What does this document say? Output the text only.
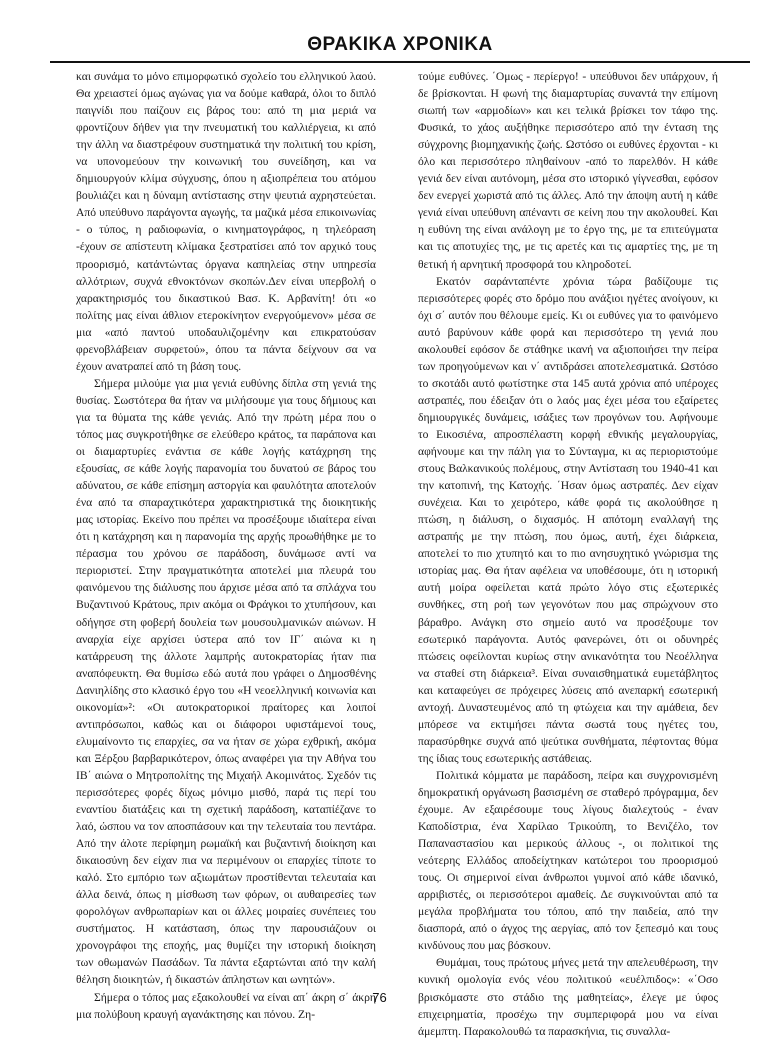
ΘΡΑΚΙΚΑ ΧΡΟΝΙΚΑ

και συνάμα το μόνο επιμορφωτικό σχολείο του ελληνικού λαού. Θα χρειαστεί όμως αγώνας για να δούμε καθαρά, όλοι το διπλό παιγνίδι που παίζουν εις βάρος του: από τη μια μεριά να φροντίζουν δήθεν για την πνευματική του καλλιέργεια, κι από την άλλη να διαστρέφουν συστηματικά την πολιτική του κρίση, να υπονομεύουν την κοινωνική του συνείδηση, και να δημιουργούν κλίμα σύγχυσης, όπου η αξιοπρέπεια του ατόμου βουλιάζει και η δύναμη αντίστασης στην ψευτιά αχρηστεύεται. Από υπεύθυνο παράγοντα αγωγής, τα μαζικά μέσα επικοινωνίας - ο τύπος, η ραδιοφωνία, ο κινηματογράφος, η τηλεόραση -έχουν σε απίστευτη κλίμακα ξεστρατίσει από τον αρχικό τους προορισμό, κατάντώντας όργανα καπηλείας στην υπηρεσία αλλότριων, συχνά εθνοκτόνων σκοπών.Δεν είναι υπερβολή ο χαρακτηρισμός του δικαστικού Βασ. Κ. Αρβανίτη! ότι «ο πολίτης μας είναι άθλιον ετεροκίνητον ενεργούμενον» μέσα σε μια «από παντού υποδαυλιζομένην και επικρατούσαν φρενοβλάβειαν συρφετού», όπου τα πάντα δείχνουν σα να έχουν ανατραπεί από τη βάση τους.

Σήμερα μιλούμε για μια γενιά ευθύνης δίπλα στη γενιά της θυσίας. Σωστότερα θα ήταν να μιλήσουμε για τους δήμιους και για τα θύματα της κάθε γενιάς. Από την πρώτη μέρα που ο τόπος μας συγκροτήθηκε σε ελεύθερο κράτος, τα παράπονα και οι διαμαρτυρίες ενάντια σε κάθε λογής κατάχρηση της εξουσίας, σε κάθε λογής παρανομία του δυνατού σε βάρος του αδύνατου, σε κάθε επίσημη αστοργία και φαυλότητα αποτελούν ένα από τα σπαραχτικότερα χαρακτηριστικά της διοικητικής μας ιστορίας. Εκείνο που πρέπει να προσέξουμε ιδιαίτερα είναι ότι η κατάχρηση και η παρανομία της αρχής προωθήθηκε με το πέρασμα του χρόνου σε παράδοση, δυνάμωσε αντί να περιοριστεί. Στην πραγματικότητα αποτελεί μια πλευρά του φαινόμενου της διάλυσης που άρχισε μέσα από τα σπλάχνα του Βυζαντινού Κράτους, πριν ακόμα οι Φράγκοι το χτυπήσουν, και οδήγησε στη φοβερή δουλεία των μουσουλμανικών αιώνων. Η αναρχία είχε αρχίσει ύστερα από τον ΙΓ΄ αιώνα κι η κατάρρευση της άλλοτε λαμπρής αυτοκρατορίας ήταν πια αναπόφευκτη. Θα θυμίσω εδώ αυτά που γράφει ο Δημοσθένης Δανιηλίδης στο κλασικό έργο του «Η νεοελληνική κοινωνία και οικονομία»²: «Οι αυτοκρατορικοί πραίτορες και λοιποί αντιπρόσωποι, καθώς και οι διάφοροι υφιστάμενοί τους, ελυμαίνοντο τις επαρχίες, σα να ήταν σε χώρα εχθρική, ακόμα και Ξέρξου βαρβαρικότερον, όπως αναφέρει για την Αθήνα του ΙΒ΄ αιώνα ο Μητροπολίτης της Μιχαήλ Ακομινάτος. Σχεδόν τις περισσότερες φορές δίχως μόνιμο μισθό, παρά τις περί του εναντίου διατάξεις και τη σχετική παράδοση, καταπίέζανε το λαό, ώσπου να τον αποσπάσουν και την τελευταία του πεντάρα. Από την άλοτε περίφημη ρωμαϊκή και βυζαντινή διοίκηση και δικαιοσύνη δεν είχαν πια να περιμένουν οι επαρχίες τίποτε το καλό. Στο εμπόριο των αξιωμάτων προστίθενται τελευταία και άλλα δεινά, όπως η μίσθωση των φόρων, οι αυθαιρεσίες των φορολόγων ανθρωπαρίων και οι άλλες μοιραίες συνέπειες του συστήματος. Η κατάσταση, όπως την παρουσιάζουν οι χρονογράφοι της εποχής, μας θυμίζει την ιστορική διοίκηση των οθωμανών Πασάδων. Τα πάντα εξαρτώνται από την καλή θέληση διοικητών, ή δικαστών άπληστων και ωνητών».

Σήμερα ο τόπος μας εξακολουθεί να είναι απ΄ άκρη σ΄ άκρη μια πολύβουη κραυγή αγανάκτησης και πόνου. Ζη-

τούμε ευθύνες. ΄Ομως - περίεργο! - υπεύθυνοι δεν υπάρχουν, ή δε βρίσκονται. Η φωνή της διαμαρτυρίας συναντά την επίμονη σιωπή των «αρμοδίων» και κει τελικά βρίσκει τον τάφο της. Φυσικά, το χάος αυξήθηκε περισσότερο από την ένταση της σύγχρονης βιομηχανικής ζωής. Ωστόσο οι ευθύνες έρχονται - κι όλο και περισσότερο πληθαίνουν -από το παρελθόν. Η κάθε γενιά δεν είναι αυτόνομη, μέσα στο ιστορικό γίγνεσθαι, εφόσον δεν ενεργεί χωριστά από τις άλλες. Από την άποψη αυτή η κάθε γενιά είναι υπεύθυνη απέναντι σε κείνη που την ακολουθεί. Και η ευθύνη της είναι ανάλογη με το έργο της, με τα επιτεύγματα και τις αποτυχίες της, με τις αρετές και τις αμαρτίες της, με τη θετική ή αρνητική προσφορά του κληροδοτεί.

Εκατόν σαράνταπέντε χρόνια τώρα βαδίζουμε τις περισσότερες φορές στο δρόμο που ανάξιοι ηγέτες ανοίγουν, κι όχι σ΄ αυτόν που θέλουμε εμείς. Κι οι ευθύνες για το φαινόμενο αυτό βαρύνουν κάθε φορά και περισσότερο τη γενιά που ακολουθεί εφόσον δε στάθηκε ικανή να αξιοποιήσει την πείρα των προηγούμενων και ν΄ αντιδράσει αποτελεσματικά. Ωστόσο το σκοτάδι αυτό φωτίστηκε στα 145 αυτά χρόνια από υπέροχες αστραπές, που έδειξαν ότι ο λαός μας έχει μέσα του εξαίρετες δημιουργικές δυνάμεις, ισάξιες των προγόνων του. Αφήνουμε το Εικοσιένα, απροσπέλαστη κορφή εθνικής μεγαλουργίας, αφήνουμε και την πάλη για το Σύνταγμα, κι ας περιοριστούμε στους Βαλκανικούς πολέμους, στην Αντίσταση του 1940-41 και την κατοπινή, της Κατοχής. ΄Ησαν όμως αστραπές. Δεν είχαν συνέχεια. Και το χειρότερο, κάθε φορά τις ακολούθησε η πτώση, η διάλυση, ο διχασμός. Η απότομη εναλλαγή της αστραπής με την πτώση, που όμως, αυτή, έχει διάρκεια, αποτελεί το πιο χτυπητό και το πιο ανησυχητικό γνώρισμα της ιστορίας μας. Θα ήταν αφέλεια να υποθέσουμε, ότι η ιστορική αυτή μοίρα οφείλεται κατά πρώτο λόγο στις εξωτερικές συνθήκες, στη ροή των γεγονότων που μας σπρώχνουν στο βάραθρο. Ανάγκη στο σημείο αυτό να προσέξουμε τον εσωτερικό παράγοντα. Αυτός φανερώνει, ότι οι οδυνηρές πτώσεις οφείλονται κυρίως στην ανικανότητα του Νεοέλληνα να σταθεί στη διάρκεια³. Είναι συναισθηματικά ευμετάβλητος και καταφεύγει σε πρόχειρες λύσεις από ανεπαρκή εσωτερική αντοχή. Δυναστευμένος από τη φτώχεια και την αμάθεια, δεν μπόρεσε να εκτιμήσει πάντα σωστά τους ηγέτες του, παρασύρθηκε συχνά από ψεύτικα συνθήματα, πέφτοντας θύμα της ίδιας τους εσωτερικής αστάθειας.

Πολιτικά κόμματα με παράδοση, πείρα και συγχρονισμένη δημοκρατική οργάνωση βασισμένη σε σταθερό πρόγραμμα, δεν έχουμε. Αν εξαιρέσουμε τους λίγους διαλεχτούς - έναν Καποδίστρια, ένα Χαρίλαο Τρικούπη, το Βενιζέλο, τον Παπαναστασίου και μερικούς άλλους -, οι πολιτικοί της νεότερης Ελλάδος αποδείχτηκαν κατώτεροι του προορισμού τους. Οι σημερινοί είναι άνθρωποι γυμνοί από κάθε ιδανικό, αρριβιστές, οι περισσότεροι αμαθείς. Δε συγκινούνται από τα μεγάλα προβλήματα του τόπου, από την παιδεία, από την διασπορά, από ο άγχος της αεργίας, από τον ξεπεσμό και τους κινδύνους που μας βόσκουν.

Θυμάμαι, τους πρώτους μήνες μετά την απελευθέρωση, την κυνική ομολογία ενός νέου πολιτικού «ευέλπιδος»: «΄Οσο βρισκόμαστε στο στάδιο της μαθητείας», έλεγε με ύφος επιχειρηματία, προσέχω την συμπεριφορά μου να είναι άμεμπτη. Παρακολουθώ τα παρασκήνια, τις συναλλα-

76
